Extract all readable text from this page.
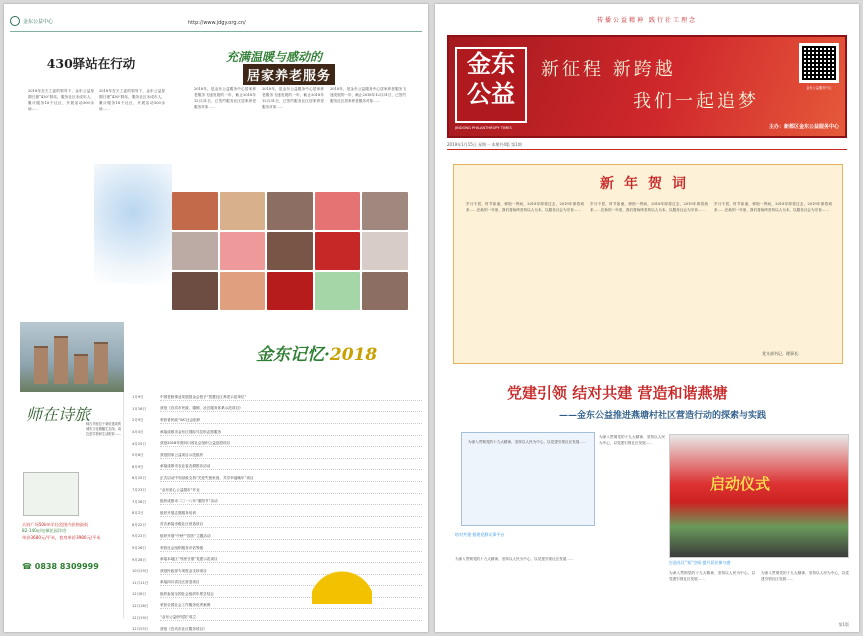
金东公益中心	http://www.jdgy.org.cn/
430驿站在行动
2018年在天工委的领导下，金东公益星期日援“430”驿站，服务社区未成年人，累计服务18个社区，开展活动500余场……
2018年在天工委的领导下，金东公益星期日援“430”驿站，服务社区未成年人，累计服务18个社区，开展活动500余场……
充满温暖与感动的
居家养老服务
2018年，是金东公益服务中心居家养老服务飞速发展的一年，截止2018年12月31日，已签约服务社区居家养老服务对象……
2018年，是金东公益服务中心居家养老服务飞速发展的一年，截止2018年12月31日，已签约服务社区居家养老服务对象……
2018年，是金东公益服务中心居家养老服务飞速发展的一年，截止2018年12月31日，已签约服务社区居家养老服务对象……
金东记忆·2018
师在诗旅
师古华庭位于秉杭建成的城市文化精髓生态线，周边是学校和生活配套……
天府广场50km半径范围内价格最低
82-140㎡电梯花园洋房
单价3680元/平米，套房单价3980元/平米
☎ 0838 8309999
1月9日	中国老龄事业发展基金会授予“智慧社区养老示范单位”
1月16日	获批《宜宾市民政、婚姻、社区服务体系示范项目》
2月9日	荣获省民政“5A”社会组织
4月4日	承接成都市金东区国际马拉松志愿服务
4月25日	获批2018年度四川省社会组织公益创投项目
5月8日	获批国家公益项目示范组织
6月9日	承接成都市农业委农耕团乐活动
6月25日	正式启动中央财政支持“关爱失独家庭、共享幸福晚年”项目
7月23日	“金东爱心公益超市”开业
7月28日	组织成都市二〇一八年“重阳节”活动
8月2日	组织开展志愿服务培训
8月22日	首次承接市级社区营造项目
9月22日	组织开展“中秋”“国庆”主题活动
9月26日	荣获社会组织服务评估等级
9月28日	承接本地区“邻里守望”党建示范项目
10月19日	获批民政部专项资金支持项目
11月11日	承接四川省社区营造项目
12月8日	组织参加全国社会组织年度总结会
12月18日	荣获全国社会工作服务优秀案例
12月19日	“金东公益研究院”成立
12月25日	获批《宜宾市社区服务项目》
传播公益精神 践行社工理念
金东公益
JINDONG PHILANTHROPY TIMES
新征程 新跨越
我们一起追梦
金东公益服务中心
主办：新都区金东公益服务中心
2019年1月15日 星期一 本期共4版 第1期
新年贺词
岁月不居，时节如流，弹指一挥间，2018年即将过去，2019年即将到来……在新的一年里，我们将始终坚持以人为本，以服务社会为宗旨……
岁月不居，时节如流，弹指一挥间，2018年即将过去，2019年即将到来……在新的一年里，我们将始终坚持以人为本，以服务社会为宗旨……
岁月不居，时节如流，弹指一挥间，2018年即将过去，2019年即将到来……在新的一年里，我们将始终坚持以人为本，以服务社会为宗旨……
党支部书记、理事长：
党建引领 结对共建 营造和谐燕塘
——金东公益推进燕塘村社区营造行动的探索与实践
为深入贯彻党的十九大精神，坚持以人民为中心，以党建引领社区发展……
为深入贯彻党的十九大精神，坚持以人民为中心，以党建引领社区发展……
结对共建 搭建党群议事平台
为深入贯彻党的十九大精神，坚持以人民为中心，以党建引领社区发展……
启动仪式
打造社区“家”空间 提升居民参与感
为深入贯彻党的十九大精神，坚持以人民为中心，以党建引领社区发展……
为深入贯彻党的十九大精神，坚持以人民为中心，以党建引领社区发展……
第1版
